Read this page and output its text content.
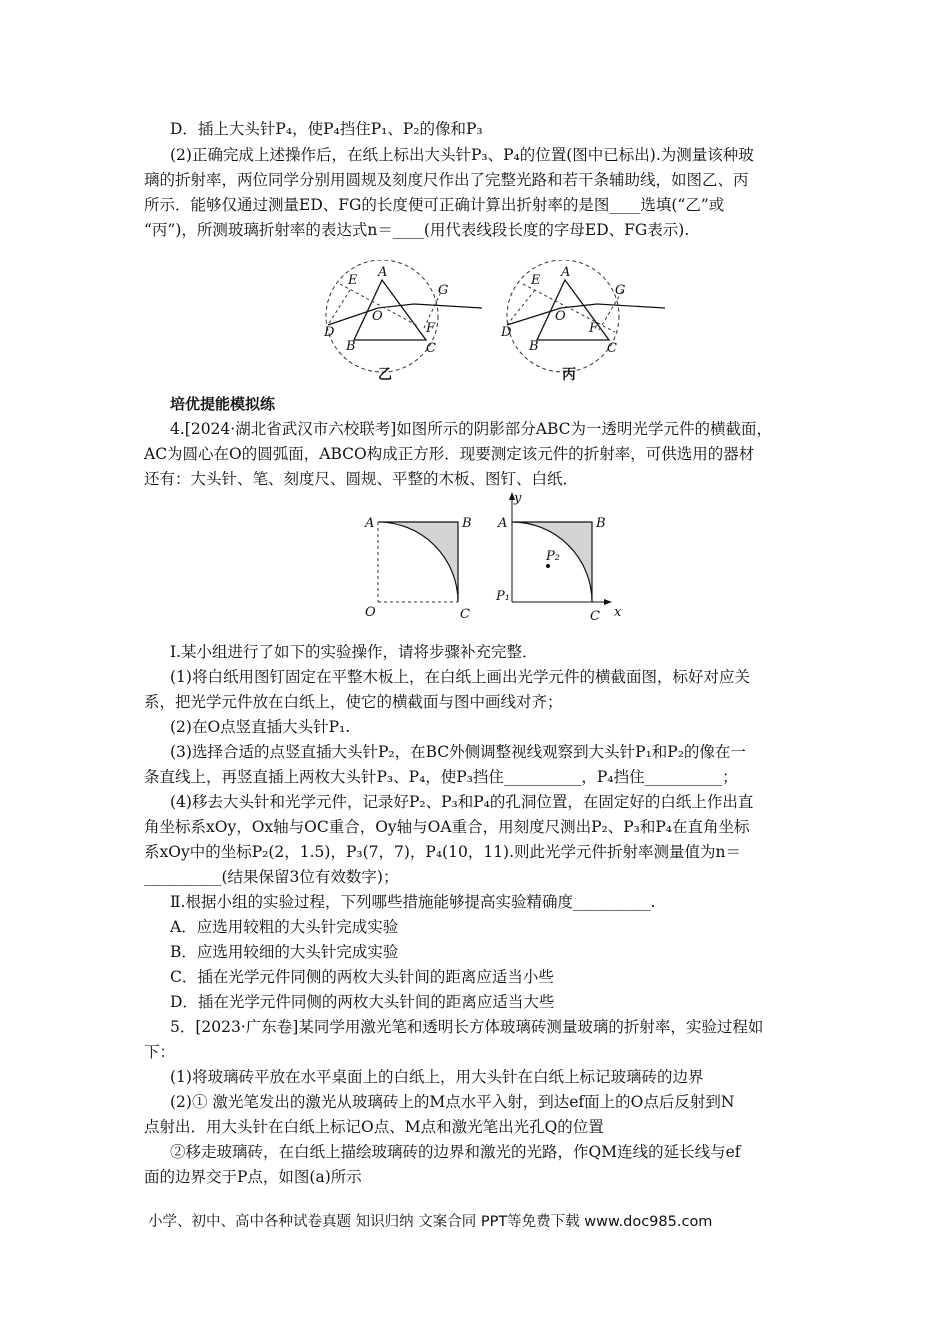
D．插上大头针P₄，使P₄挡住P₁、P₂的像和P₃
(2)正确完成上述操作后，在纸上标出大头针P₃、P₄的位置(图中已标出).为测量该种玻
璃的折射率，两位同学分别用圆规及刻度尺作出了完整光路和若干条辅助线，如图乙、丙
所示．能够仅通过测量ED、FG的长度便可正确计算出折射率的是图____选填(“乙”或
“丙”)，所测玻璃折射率的表达式n＝____(用代表线段长度的字母ED、FG表示).
D
E
A
O
G
F
B	C
乙
D
E
A
O
G
F
B	C
丙
培优提能模拟练
4.[2024·湖北省武汉市六校联考]如图所示的阴影部分ABC为一透明光学元件的横截面，
AC为圆心在O的圆弧面，ABCO构成正方形．现要测定该元件的折射率，可供选用的器材
还有：大头针、笔、刻度尺、圆规、平整的木板、图钉、白纸．
A	B
O	C
y
x
A	B
P₂
P₁
C
Ⅰ.某小组进行了如下的实验操作，请将步骤补充完整．
(1)将白纸用图钉固定在平整木板上，在白纸上画出光学元件的横截面图，标好对应关
系，把光学元件放在白纸上，使它的横截面与图中画线对齐；
(2)在O点竖直插大头针P₁.
(3)选择合适的点竖直插大头针P₂，在BC外侧调整视线观察到大头针P₁和P₂的像在一
条直线上，再竖直插上两枚大头针P₃、P₄，使P₃挡住__________，P₄挡住__________；
(4)移去大头针和光学元件，记录好P₂、P₃和P₄的孔洞位置，在固定好的白纸上作出直
角坐标系xOy，Ox轴与OC重合，Oy轴与OA重合，用刻度尺测出P₂、P₃和P₄在直角坐标
系xOy中的坐标P₂(2，1.5)，P₃(7，7)，P₄(10，11).则此光学元件折射率测量值为n＝
__________(结果保留3位有效数字)；
Ⅱ.根据小组的实验过程，下列哪些措施能够提高实验精确度__________.
A．应选用较粗的大头针完成实验
B．应选用较细的大头针完成实验
C．插在光学元件同侧的两枚大头针间的距离应适当小些
D．插在光学元件同侧的两枚大头针间的距离应适当大些
5．[2023·广东卷]某同学用激光笔和透明长方体玻璃砖测量玻璃的折射率，实验过程如
下：
(1)将玻璃砖平放在水平桌面上的白纸上，用大头针在白纸上标记玻璃砖的边界
(2)① 激光笔发出的激光从玻璃砖上的M点水平入射，到达ef面上的O点后反射到N
点射出．用大头针在白纸上标记O点、M点和激光笔出光孔Q的位置
②移走玻璃砖，在白纸上描绘玻璃砖的边界和激光的光路，作QM连线的延长线与ef
面的边界交于P点，如图(a)所示
小学、初中、高中各种试卷真题 知识归纳 文案合同 PPT等免费下载 www.doc985.com
